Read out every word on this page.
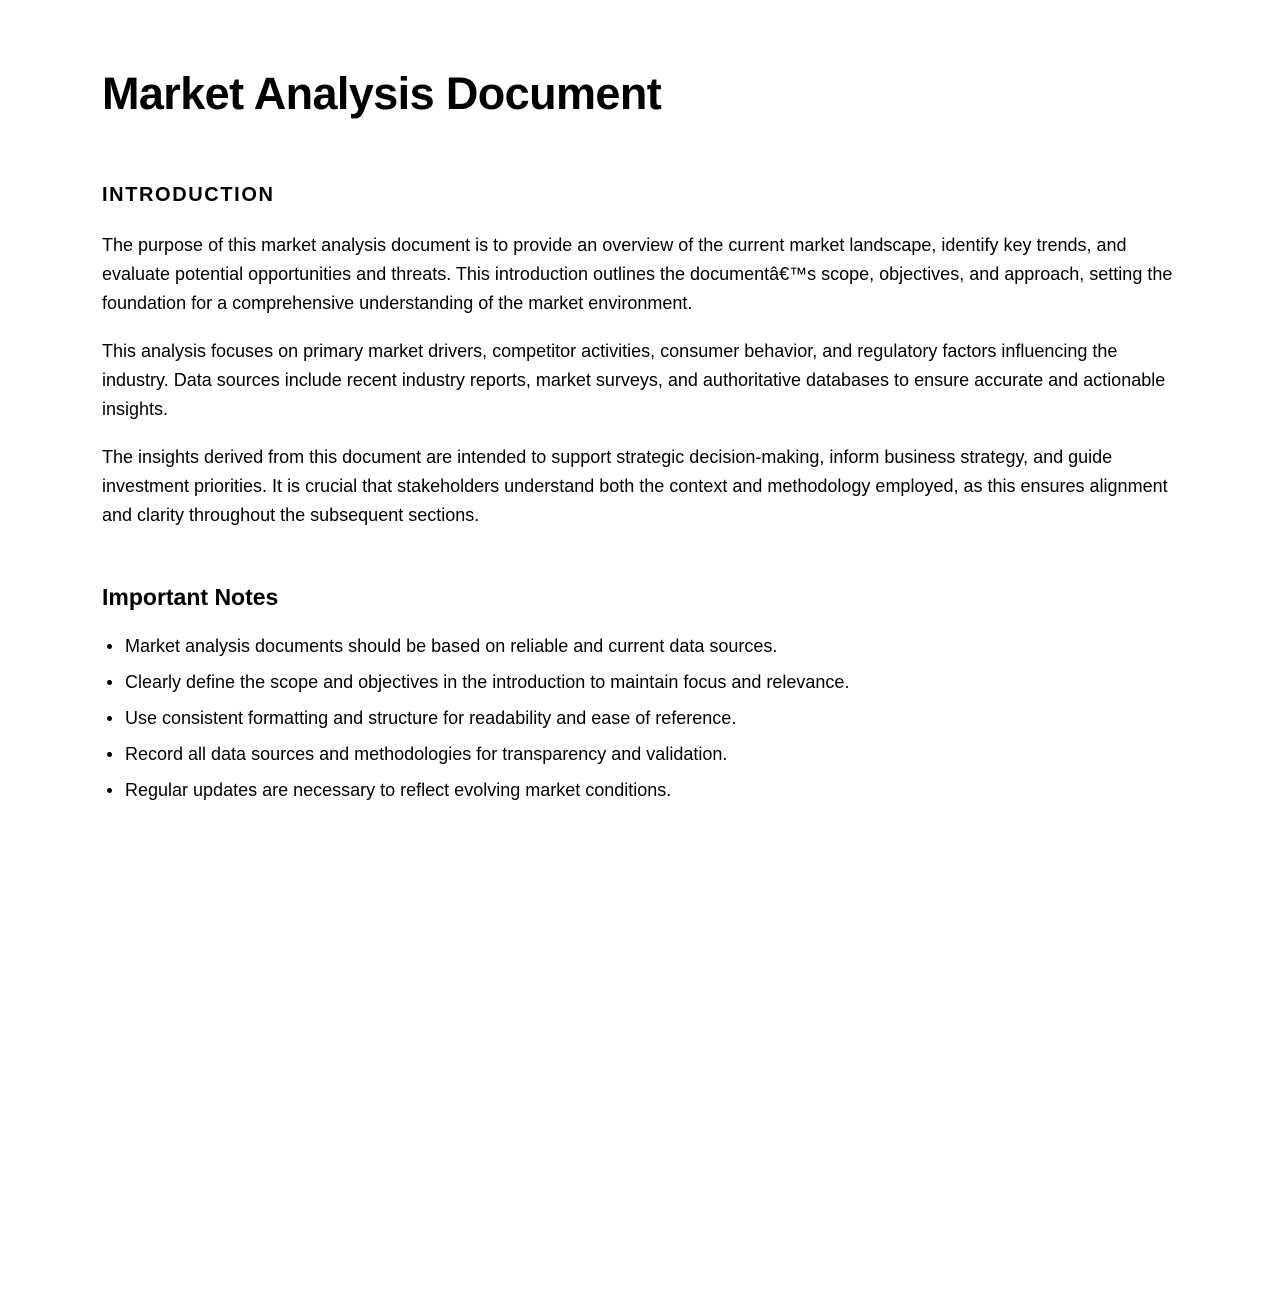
Market Analysis Document
INTRODUCTION

The purpose of this market analysis document is to provide an overview of the current market landscape, identify key trends, and evaluate potential opportunities and threats. This introduction outlines the documentâ€™s scope, objectives, and approach, setting the foundation for a comprehensive understanding of the market environment.

This analysis focuses on primary market drivers, competitor activities, consumer behavior, and regulatory factors influencing the industry. Data sources include recent industry reports, market surveys, and authoritative databases to ensure accurate and actionable insights.

The insights derived from this document are intended to support strategic decision-making, inform business strategy, and guide investment priorities. It is crucial that stakeholders understand both the context and methodology employed, as this ensures alignment and clarity throughout the subsequent sections.

Important Notes
Market analysis documents should be based on reliable and current data sources.
Clearly define the scope and objectives in the introduction to maintain focus and relevance.
Use consistent formatting and structure for readability and ease of reference.
Record all data sources and methodologies for transparency and validation.
Regular updates are necessary to reflect evolving market conditions.
